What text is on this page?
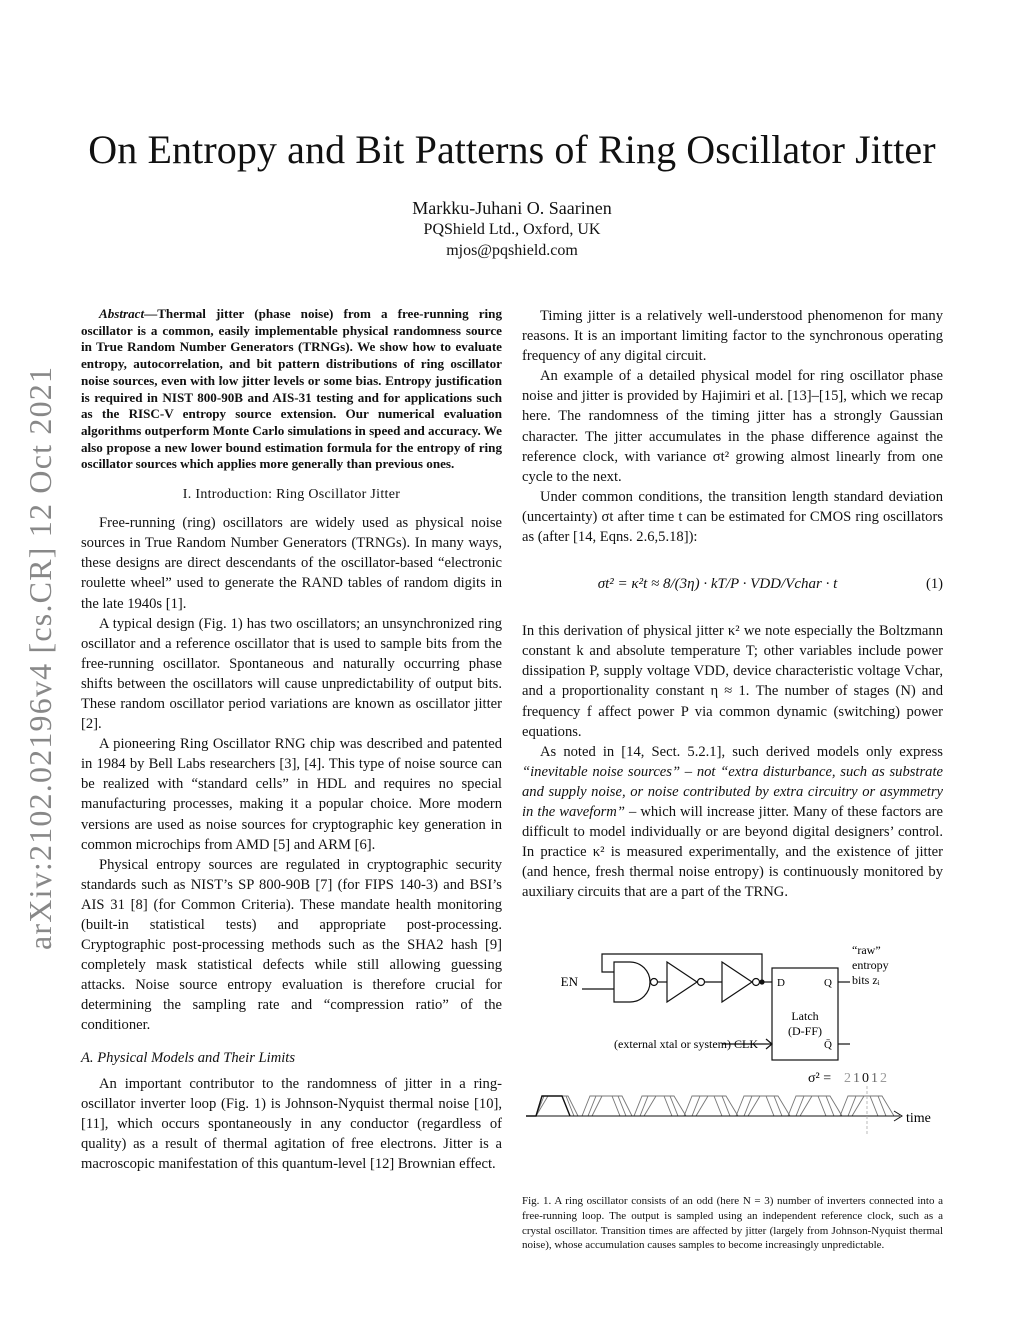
On Entropy and Bit Patterns of Ring Oscillator Jitter
Markku-Juhani O. Saarinen
PQShield Ltd., Oxford, UK
mjos@pqshield.com
arXiv:2102.02196v4 [cs.CR] 12 Oct 2021

Abstract—Thermal jitter (phase noise) from a free-running ring oscillator is a common, easily implementable physical randomness source in True Random Number Generators (TRNGs). We show how to evaluate entropy, autocorrelation, and bit pattern distributions of ring oscillator noise sources, even with low jitter levels or some bias. Entropy justification is required in NIST 800-90B and AIS-31 testing and for applications such as the RISC-V entropy source extension. Our numerical evaluation algorithms outperform Monte Carlo simulations in speed and accuracy. We also propose a new lower bound estimation formula for the entropy of ring oscillator sources which applies more generally than previous ones.

I. Introduction: Ring Oscillator Jitter

Free-running (ring) oscillators are widely used as physical noise sources in True Random Number Generators (TRNGs). In many ways, these designs are direct descendants of the oscillator-based “electronic roulette wheel” used to generate the RAND tables of random digits in the late 1940s [1].

A typical design (Fig. 1) has two oscillators; an unsynchronized ring oscillator and a reference oscillator that is used to sample bits from the free-running oscillator. Spontaneous and naturally occurring phase shifts between the oscillators will cause unpredictability of output bits. These random oscillator period variations are known as oscillator jitter [2].

A pioneering Ring Oscillator RNG chip was described and patented in 1984 by Bell Labs researchers [3], [4]. This type of noise source can be realized with “standard cells” in HDL and requires no special manufacturing processes, making it a popular choice. More modern versions are used as noise sources for cryptographic key generation in common microchips from AMD [5] and ARM [6].

Physical entropy sources are regulated in cryptographic security standards such as NIST’s SP 800-90B [7] (for FIPS 140-3) and BSI’s AIS 31 [8] (for Common Criteria). These mandate health monitoring (built-in statistical tests) and appropriate post-processing. Cryptographic post-processing methods such as the SHA2 hash [9] completely mask statistical defects while still allowing guessing attacks. Noise source entropy evaluation is therefore crucial for determining the sampling rate and “compression ratio” of the conditioner.

A. Physical Models and Their Limits

An important contributor to the randomness of jitter in a ring-oscillator inverter loop (Fig. 1) is Johnson-Nyquist thermal noise [10], [11], which occurs spontaneously in any conductor (regardless of quality) as a result of thermal agitation of free electrons. Jitter is a macroscopic manifestation of this quantum-level [12] Brownian effect.

Timing jitter is a relatively well-understood phenomenon for many reasons. It is an important limiting factor to the synchronous operating frequency of any digital circuit.

An example of a detailed physical model for ring oscillator phase noise and jitter is provided by Hajimiri et al. [13]–[15], which we recap here. The randomness of the timing jitter has a strongly Gaussian character. The jitter accumulates in the phase difference against the reference clock, with variance σt² growing almost linearly from one cycle to the next.

Under common conditions, the transition length standard deviation (uncertainty) σt after time t can be estimated for CMOS ring oscillators as (after [14, Eqns. 2.6,5.18]):

σt² = κ²t ≈ 8/(3η) · kT/P · VDD/Vchar · t	(1)

In this derivation of physical jitter κ² we note especially the Boltzmann constant k and absolute temperature T; other variables include power dissipation P, supply voltage VDD, device characteristic voltage Vchar, and a proportionality constant η ≈ 1. The number of stages (N) and frequency f affect power P via common dynamic (switching) power equations.

As noted in [14, Sect. 5.2.1], such derived models only express “inevitable noise sources” – not “extra disturbance, such as substrate and supply noise, or noise contributed by extra circuitry or asymmetry in the waveform” – which will increase jitter. Many of these factors are difficult to model individually or are beyond digital designers’ control. In practice κ² is measured experimentally, and the existence of jitter (and hence, fresh thermal noise entropy) is continuously monitored by auxiliary circuits that are a part of the TRNG.

EN	D	Q
Latch
(D-FF)
Q̄
“raw”
entropy
bits zᵢ
(external xtal or system) CLK
time
σ² = 2 1 0 1 2
Fig. 1. A ring oscillator consists of an odd (here N = 3) number of inverters connected into a free-running loop. The output is sampled using an independent reference clock, such as a crystal oscillator. Transition times are affected by jitter (largely from Johnson-Nyquist thermal noise), whose accumulation causes samples to become increasingly unpredictable.
